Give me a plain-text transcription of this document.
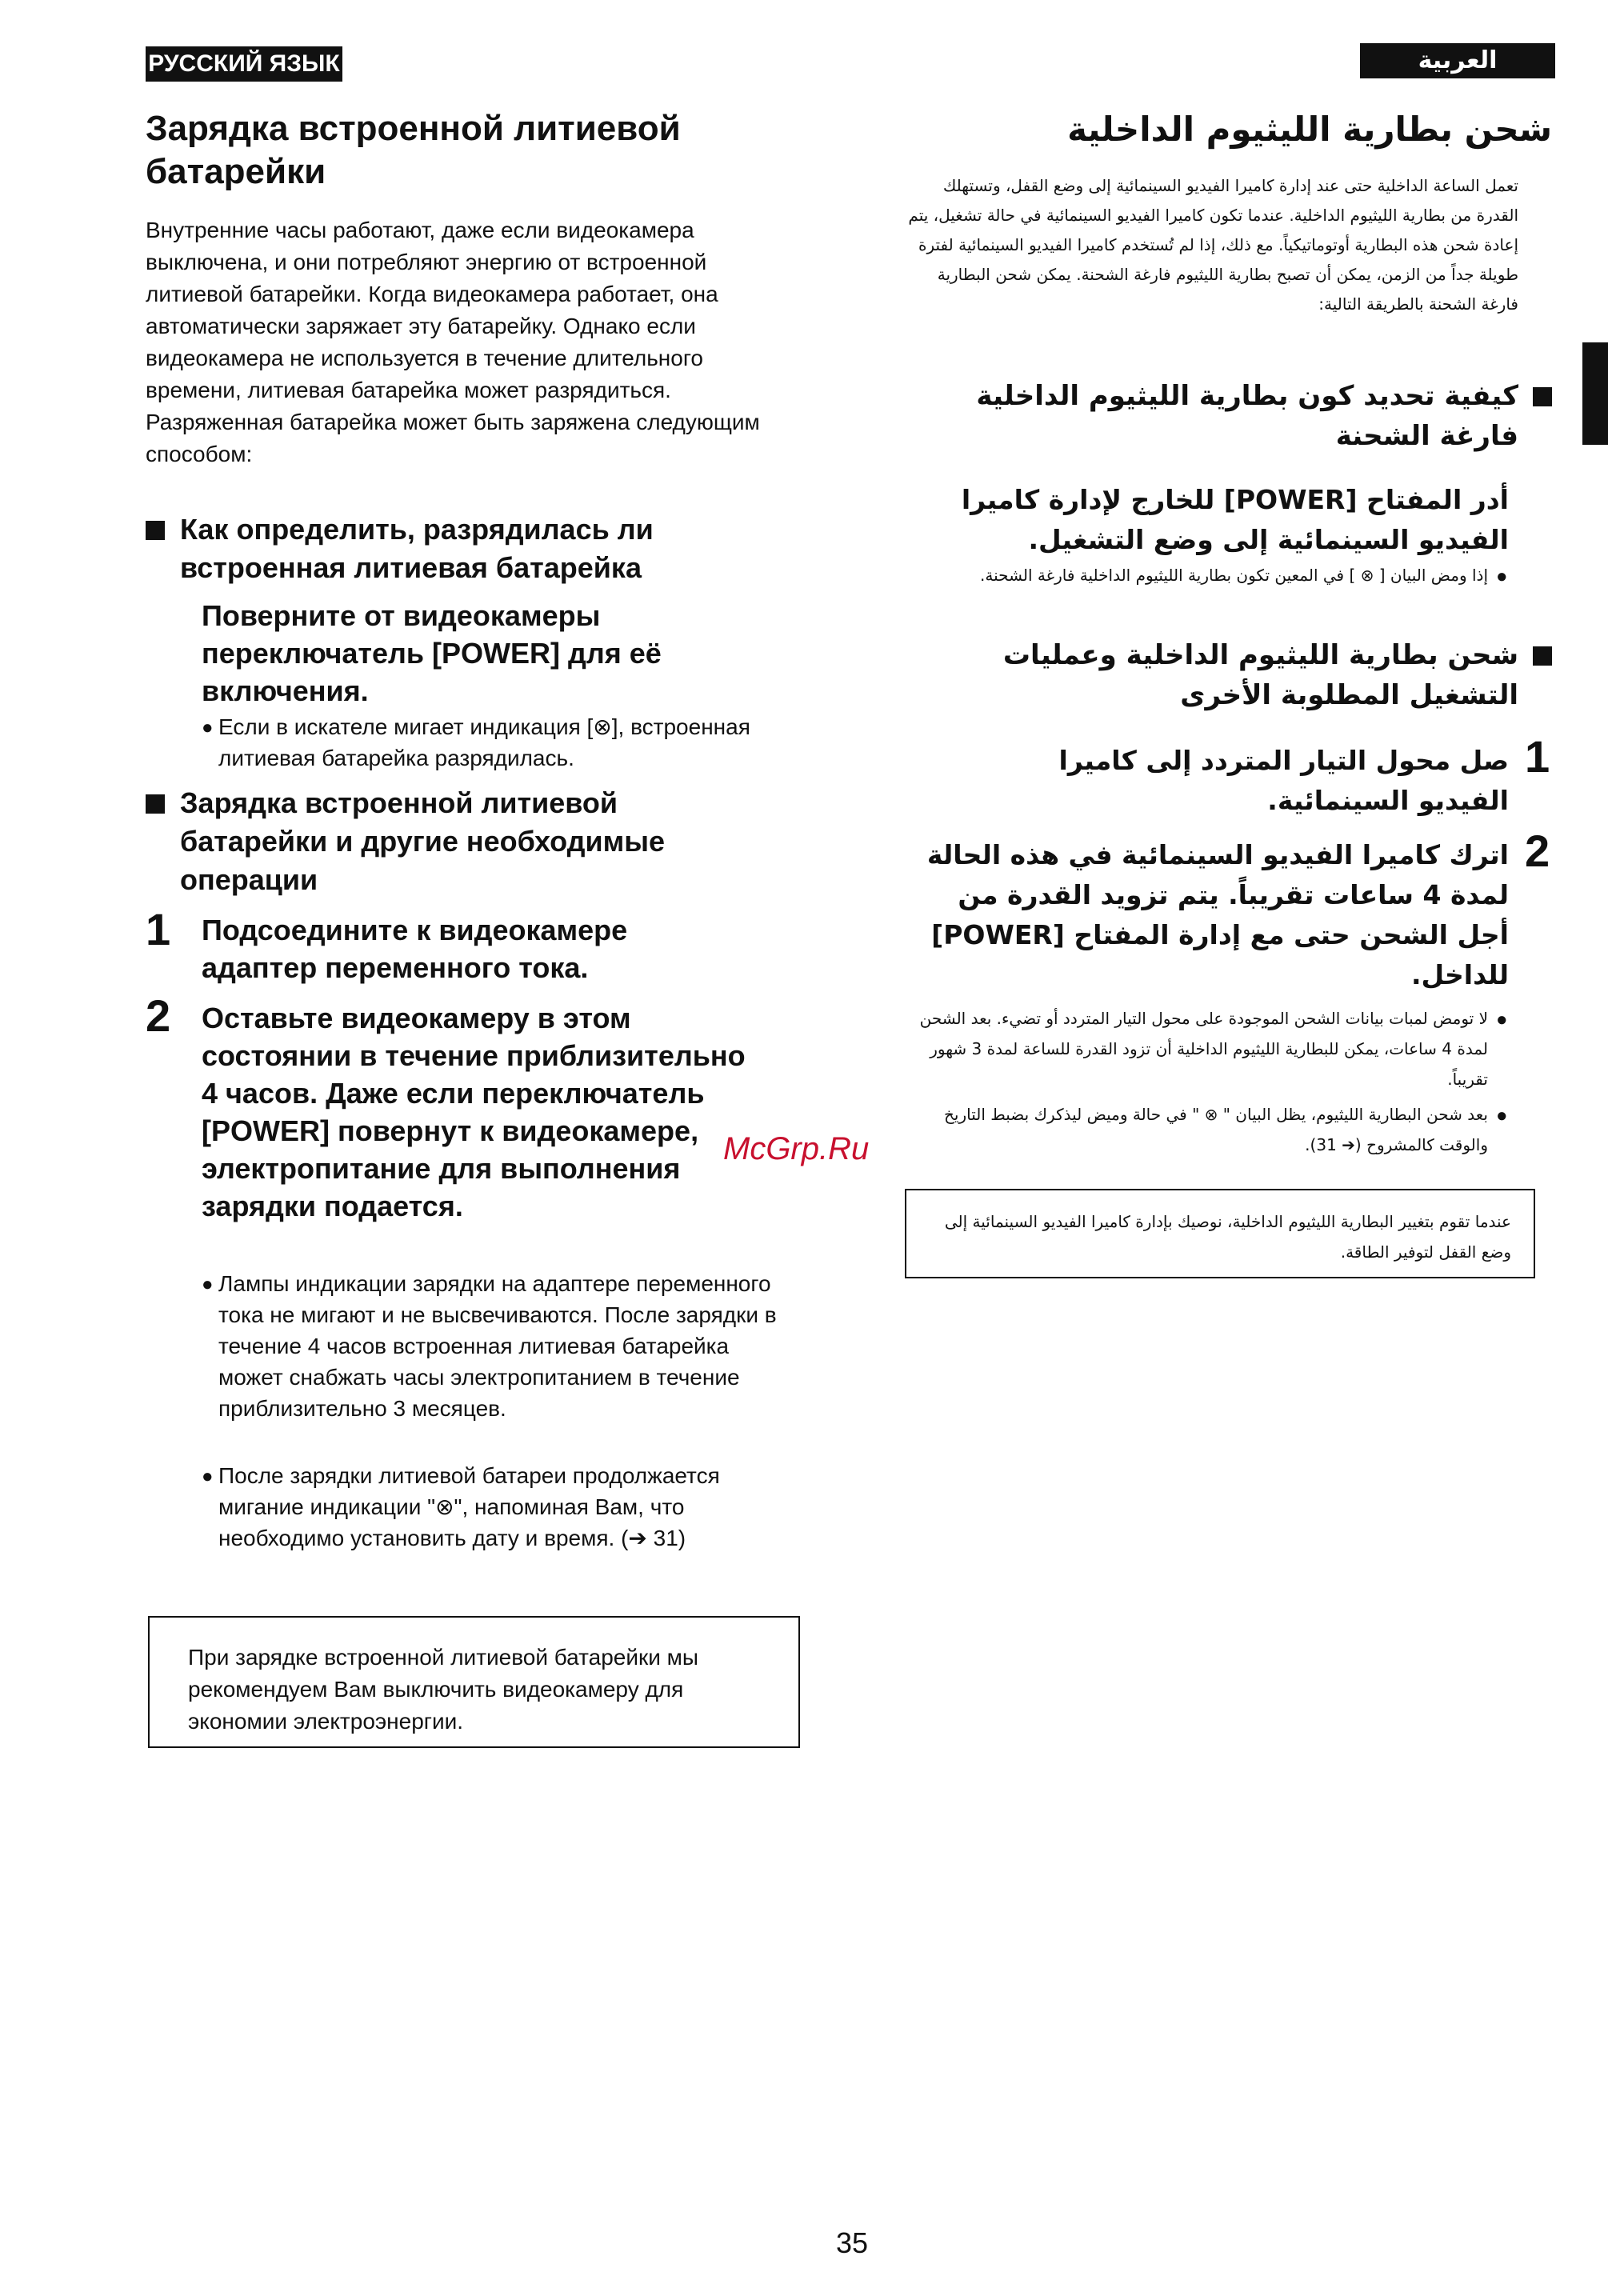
РУССКИЙ ЯЗЫК	العربية
Зарядка встроенной литиевой батарейки
Внутренние часы работают, даже если видеокамера выключена, и они потребляют энергию от встроенной литиевой батарейки. Когда видеокамера работает, она автоматически заряжает эту батарейку. Однако если видеокамера не используется в течение длительного времени, литиевая батарейка может разрядиться. Разряженная батарейка может быть заряжена следующим способом:
Как определить, разрядилась ли встроенная литиевая батарейка
Поверните от видеокамеры переключатель [POWER] для её включения.
● Если в искателе мигает индикация [⊗], встроенная литиевая батарейка разрядилась.
Зарядка встроенной литиевой батарейки и другие необходимые операции
1 Подсоедините к видеокамере адаптер переменного тока.
2 Оставьте видеокамеру в этом состоянии в течение приблизительно 4 часов. Даже если переключатель [POWER] повернут к видеокамере, электропитание для выполнения зарядки подается.
● Лампы индикации зарядки на адаптере переменного тока не мигают и не высвечиваются. После зарядки в течение 4 часов встроенная литиевая батарейка может снабжать часы электропитанием в течение приблизительно 3 месяцев.
● После зарядки литиевой батареи продолжается мигание индикации "⊗", напоминая Вам, что необходимо установить дату и время. (➔ 31)
При зарядке встроенной литиевой батарейки мы рекомендуем Вам выключить видеокамеру для экономии электроэнергии.
شحن بطارية الليثيوم الداخلية
تعمل الساعة الداخلية حتى عند إدارة كاميرا الفيديو السينمائية إلى وضع القفل، وتستهلك القدرة من بطارية الليثيوم الداخلية. عندما تكون كاميرا الفيديو السينمائية في حالة تشغيل، يتم إعادة شحن هذه البطارية أوتوماتيكياً. مع ذلك، إذا لم تُستخدم كاميرا الفيديو السينمائية لفترة طويلة جداً من الزمن، يمكن أن تصبح بطارية الليثيوم فارغة الشحنة. يمكن شحن البطارية فارغة الشحنة بالطريقة التالية:
كيفية تحديد كون بطارية الليثيوم الداخلية فارغة الشحنة
أدر المفتاح [POWER] للخارج لإدارة كاميرا الفيديو السينمائية إلى وضع التشغيل.
●
إذا ومض البيان [ ⊗ ] في المعين تكون بطارية الليثيوم الداخلية فارغة الشحنة.
شحن بطارية الليثيوم الداخلية وعمليات التشغيل المطلوبة الأخرى
1
صل محول التيار المتردد إلى كاميرا الفيديو السينمائية.
2
اترك كاميرا الفيديو السينمائية في هذه الحالة لمدة 4 ساعات تقريباً. يتم تزويد القدرة من أجل الشحن حتى مع إدارة المفتاح [POWER] للداخل.
●
لا تومض لمبات بيانات الشحن الموجودة على محول التيار المتردد أو تضيء. بعد الشحن لمدة 4 ساعات، يمكن للبطارية الليثيوم الداخلية أن تزود القدرة للساعة لمدة 3 شهور تقريباً.
●
بعد شحن البطارية الليثيوم، يظل البيان " ⊗ " في حالة وميض ليذكرك بضبط التاريخ والوقت كالمشروح (➔ 31).
عندما تقوم بتغيير البطارية الليثيوم الداخلية، نوصيك بإدارة كاميرا الفيديو السينمائية إلى وضع القفل لتوفير الطاقة.
McGrp.Ru
35
